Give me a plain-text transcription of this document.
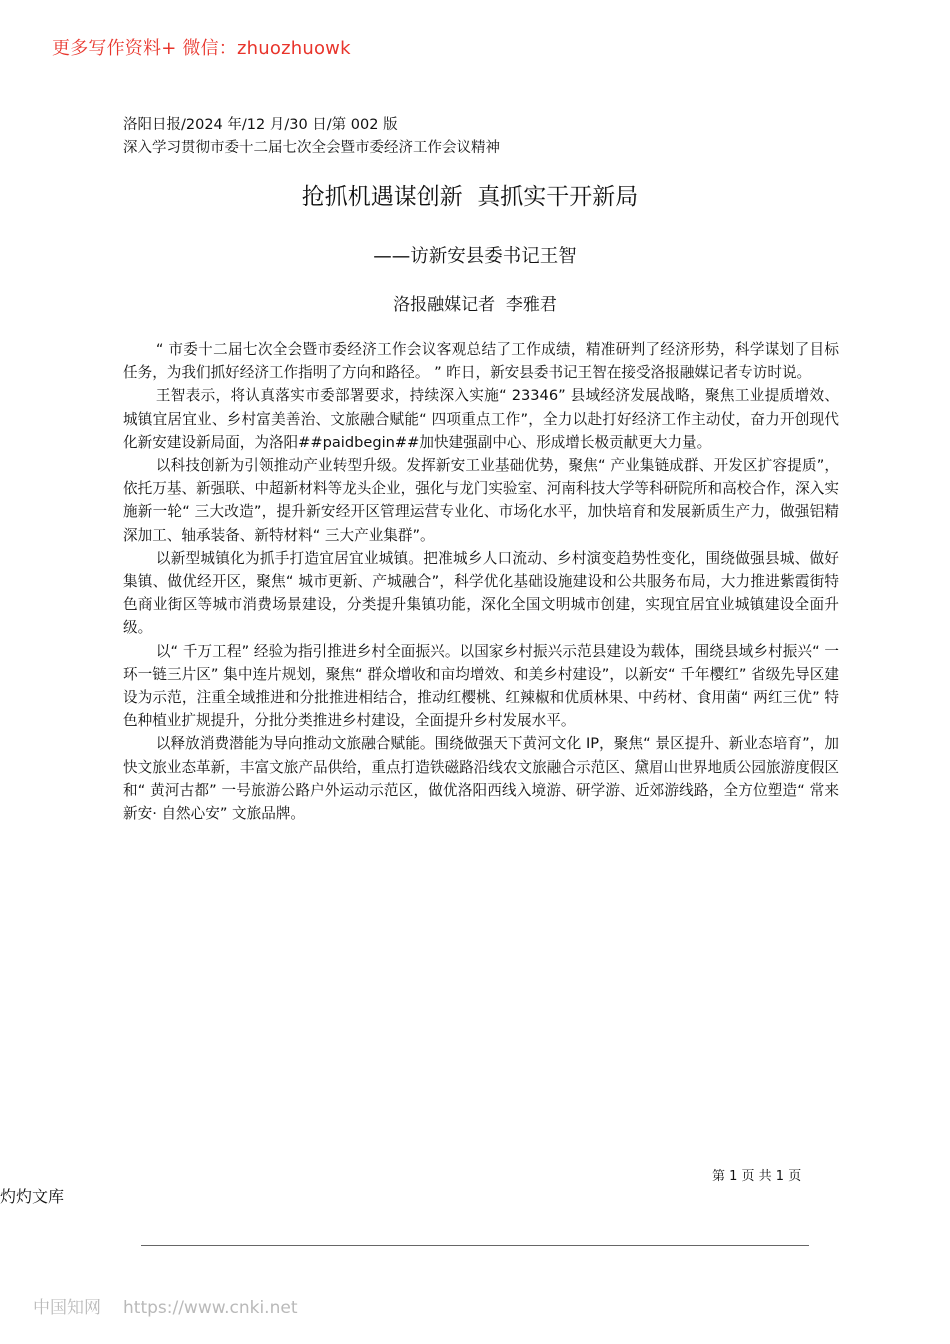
更多写作资料+ 微信：zhuozhuowk
洛阳日报/2024 年/12 月/30 日/第 002 版
深入学习贯彻市委十二届七次全会暨市委经济工作会议精神
抢抓机遇谋创新  真抓实干开新局
——访新安县委书记王智
洛报融媒记者  李雅君

“ 市委十二届七次全会暨市委经济工作会议客观总结了工作成绩，精准研判了经济形势，科学谋划了目标任务，为我们抓好经济工作指明了方向和路径。 ” 昨日，新安县委书记王智在接受洛报融媒记者专访时说。

王智表示，将认真落实市委部署要求，持续深入实施“ 23346” 县域经济发展战略，聚焦工业提质增效、城镇宜居宜业、乡村富美善治、文旅融合赋能“ 四项重点工作”，全力以赴打好经济工作主动仗，奋力开创现代化新安建设新局面，为洛阳##paidbegin##加快建强副中心、形成增长极贡献更大力量。

以科技创新为引领推动产业转型升级。发挥新安工业基础优势，聚焦“ 产业集链成群、开发区扩容提质”，依托万基、新强联、中超新材料等龙头企业，强化与龙门实验室、河南科技大学等科研院所和高校合作，深入实施新一轮“ 三大改造”，提升新安经开区管理运营专业化、市场化水平，加快培育和发展新质生产力，做强铝精深加工、轴承装备、新特材料“ 三大产业集群”。

以新型城镇化为抓手打造宜居宜业城镇。把准城乡人口流动、乡村演变趋势性变化，围绕做强县城、做好集镇、做优经开区，聚焦“ 城市更新、产城融合”，科学优化基础设施建设和公共服务布局，大力推进紫霞街特色商业街区等城市消费场景建设，分类提升集镇功能，深化全国文明城市创建，实现宜居宜业城镇建设全面升级。

以“ 千万工程” 经验为指引推进乡村全面振兴。以国家乡村振兴示范县建设为载体，围绕县域乡村振兴“ 一环一链三片区” 集中连片规划，聚焦“ 群众增收和亩均增效、和美乡村建设”，以新安“ 千年樱红” 省级先导区建设为示范，注重全域推进和分批推进相结合，推动红樱桃、红辣椒和优质林果、中药材、食用菌“ 两红三优” 特色种植业扩规提升，分批分类推进乡村建设，全面提升乡村发展水平。

以释放消费潜能为导向推动文旅融合赋能。围绕做强天下黄河文化 IP，聚焦“ 景区提升、新业态培育”，加快文旅业态革新，丰富文旅产品供给，重点打造铁磁路沿线农文旅融合示范区、黛眉山世界地质公园旅游度假区和“ 黄河古都” 一号旅游公路户外运动示范区，做优洛阳西线入境游、研学游、近郊游线路，全方位塑造“ 常来新安· 自然心安” 文旅品牌。

第 1 页 共 1 页
灼灼文库
中国知网 https://www.cnki.net
